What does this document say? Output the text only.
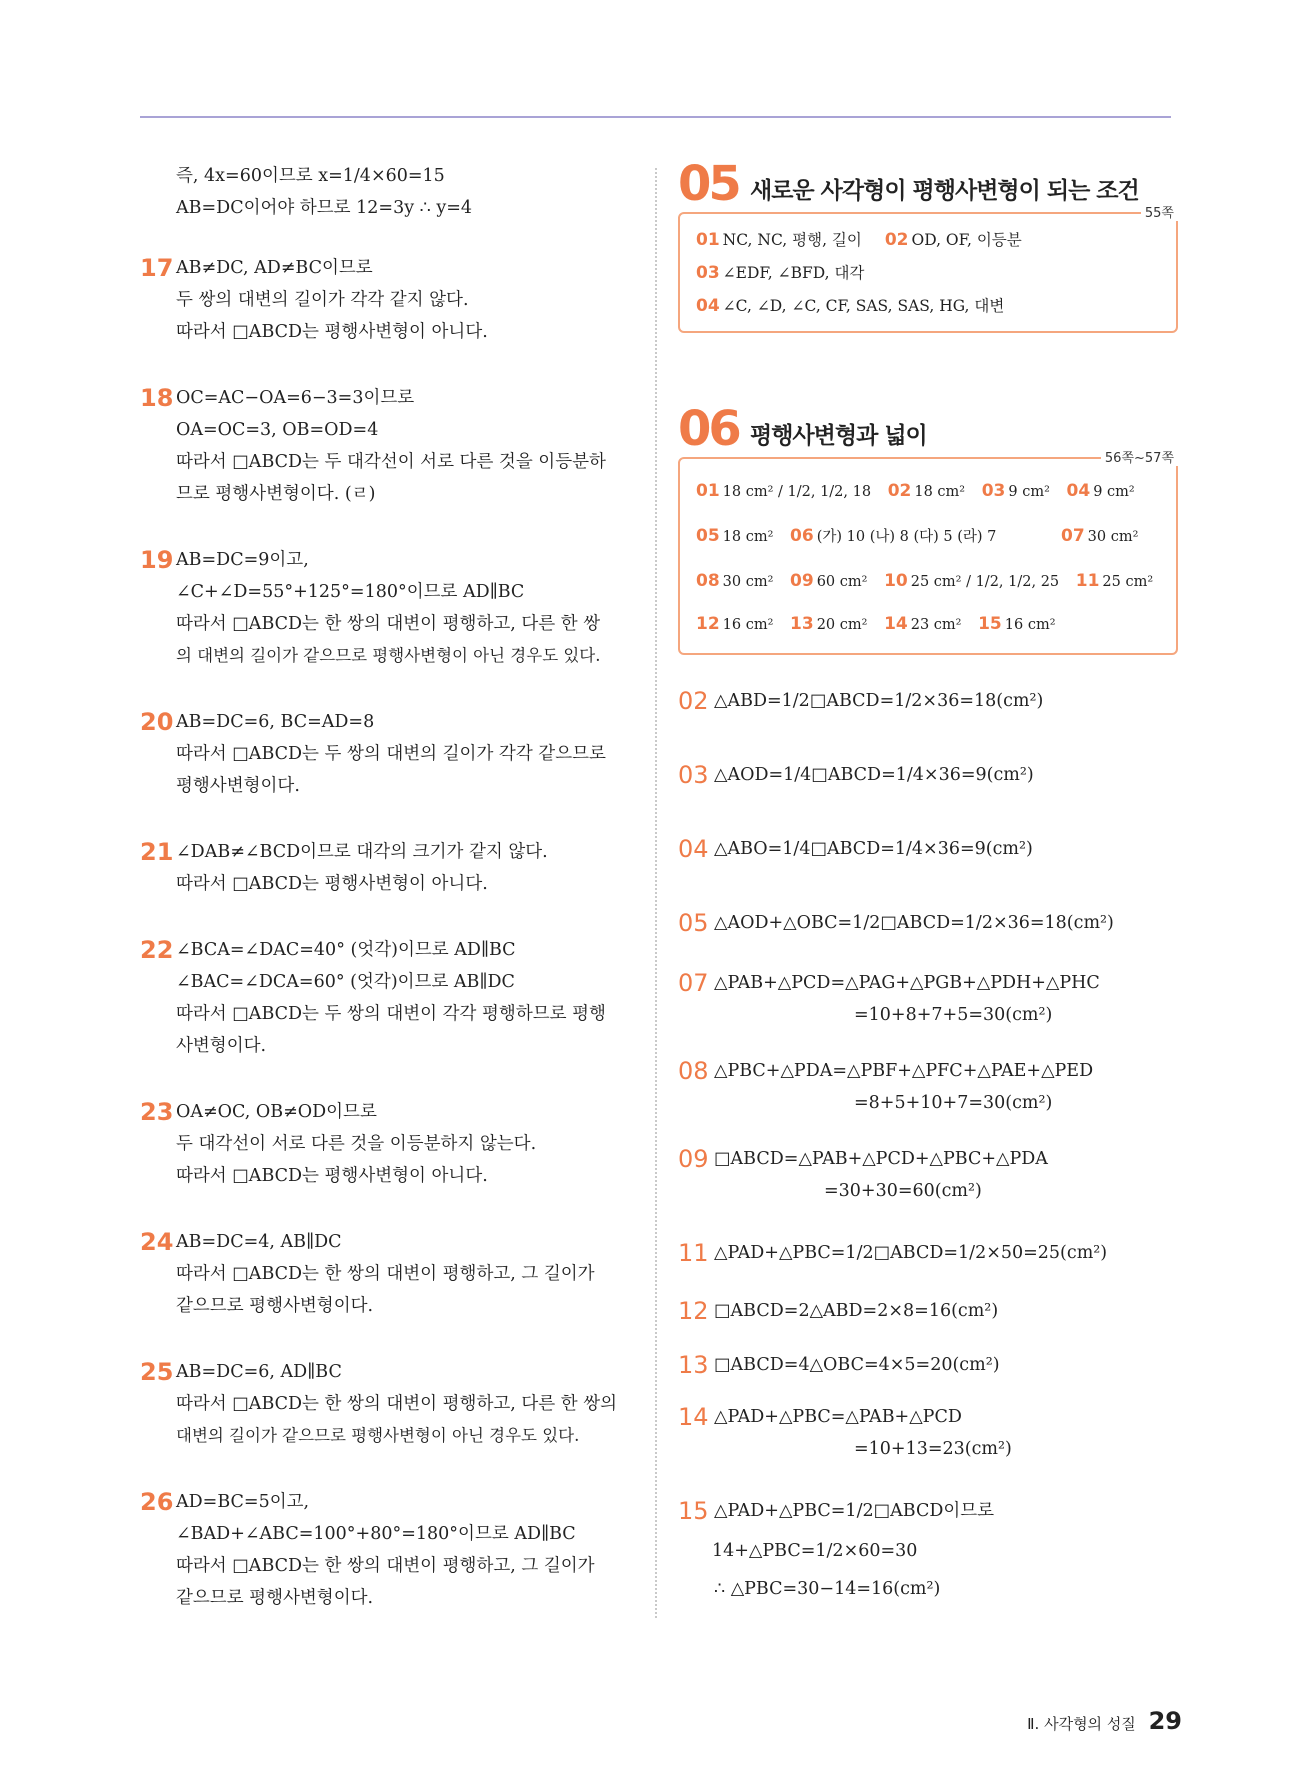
즉, 4x=60이므로 x=1/4×60=15
AB=DC이어야 하므로 12=3y ∴ y=4
17 AB≠DC, AD≠BC이므로
두 쌍의 대변의 길이가 각각 같지 않다.
따라서 □ABCD는 평행사변형이 아니다.
18 OC=AC−OA=6−3=3이므로
OA=OC=3, OB=OD=4
따라서 □ABCD는 두 대각선이 서로 다른 것을 이등분하
므로 평행사변형이다. (ㄹ)
19 AB=DC=9이고,
∠C+∠D=55°+125°=180°이므로 AD∥BC
따라서 □ABCD는 한 쌍의 대변이 평행하고, 다른 한 쌍
의 대변의 길이가 같으므로 평행사변형이 아닌 경우도 있다.
20 AB=DC=6, BC=AD=8
따라서 □ABCD는 두 쌍의 대변의 길이가 각각 같으므로
평행사변형이다.
21 ∠DAB≠∠BCD이므로 대각의 크기가 같지 않다.
따라서 □ABCD는 평행사변형이 아니다.
22 ∠BCA=∠DAC=40° (엇각)이므로 AD∥BC
∠BAC=∠DCA=60° (엇각)이므로 AB∥DC
따라서 □ABCD는 두 쌍의 대변이 각각 평행하므로 평행
사변형이다.
23 OA≠OC, OB≠OD이므로
두 대각선이 서로 다른 것을 이등분하지 않는다.
따라서 □ABCD는 평행사변형이 아니다.
24 AB=DC=4, AB∥DC
따라서 □ABCD는 한 쌍의 대변이 평행하고, 그 길이가
같으므로 평행사변형이다.
25 AB=DC=6, AD∥BC
따라서 □ABCD는 한 쌍의 대변이 평행하고, 다른 한 쌍의
대변의 길이가 같으므로 평행사변형이 아닌 경우도 있다.
26 AD=BC=5이고,
∠BAD+∠ABC=100°+80°=180°이므로 AD∥BC
따라서 □ABCD는 한 쌍의 대변이 평행하고, 그 길이가
같으므로 평행사변형이다.
05 새로운 사각형이 평행사변형이 되는 조건
55쪽
01 NC, NC, 평행, 길이 02 OD, OF, 이등분
03 ∠EDF, ∠BFD, 대각
04 ∠C, ∠D, ∠C, CF, SAS, SAS, HG, 대변
06 평행사변형과 넓이
56쪽~57쪽
01 18 cm² / 1/2, 1/2, 18 02 18 cm² 03 9 cm² 04 9 cm²
05 18 cm² 06 (가) 10 (나) 8 (다) 5 (라) 7	07 30 cm²
08 30 cm² 09 60 cm² 10 25 cm² / 1/2, 1/2, 25 11 25 cm²
12 16 cm² 13 20 cm² 14 23 cm² 15 16 cm²
02 △ABD=1/2□ABCD=1/2×36=18(cm²)
03 △AOD=1/4□ABCD=1/4×36=9(cm²)
04 △ABO=1/4□ABCD=1/4×36=9(cm²)
05 △AOD+△OBC=1/2□ABCD=1/2×36=18(cm²)
07 △PAB+△PCD=△PAG+△PGB+△PDH+△PHC
=10+8+7+5=30(cm²)
08 △PBC+△PDA=△PBF+△PFC+△PAE+△PED
=8+5+10+7=30(cm²)
09 □ABCD=△PAB+△PCD+△PBC+△PDA
=30+30=60(cm²)
11 △PAD+△PBC=1/2□ABCD=1/2×50=25(cm²)
12 □ABCD=2△ABD=2×8=16(cm²)
13 □ABCD=4△OBC=4×5=20(cm²)
14 △PAD+△PBC=△PAB+△PCD
=10+13=23(cm²)
15 △PAD+△PBC=1/2□ABCD이므로
14+△PBC=1/2×60=30
∴ △PBC=30−14=16(cm²)
Ⅱ. 사각형의 성질 29
